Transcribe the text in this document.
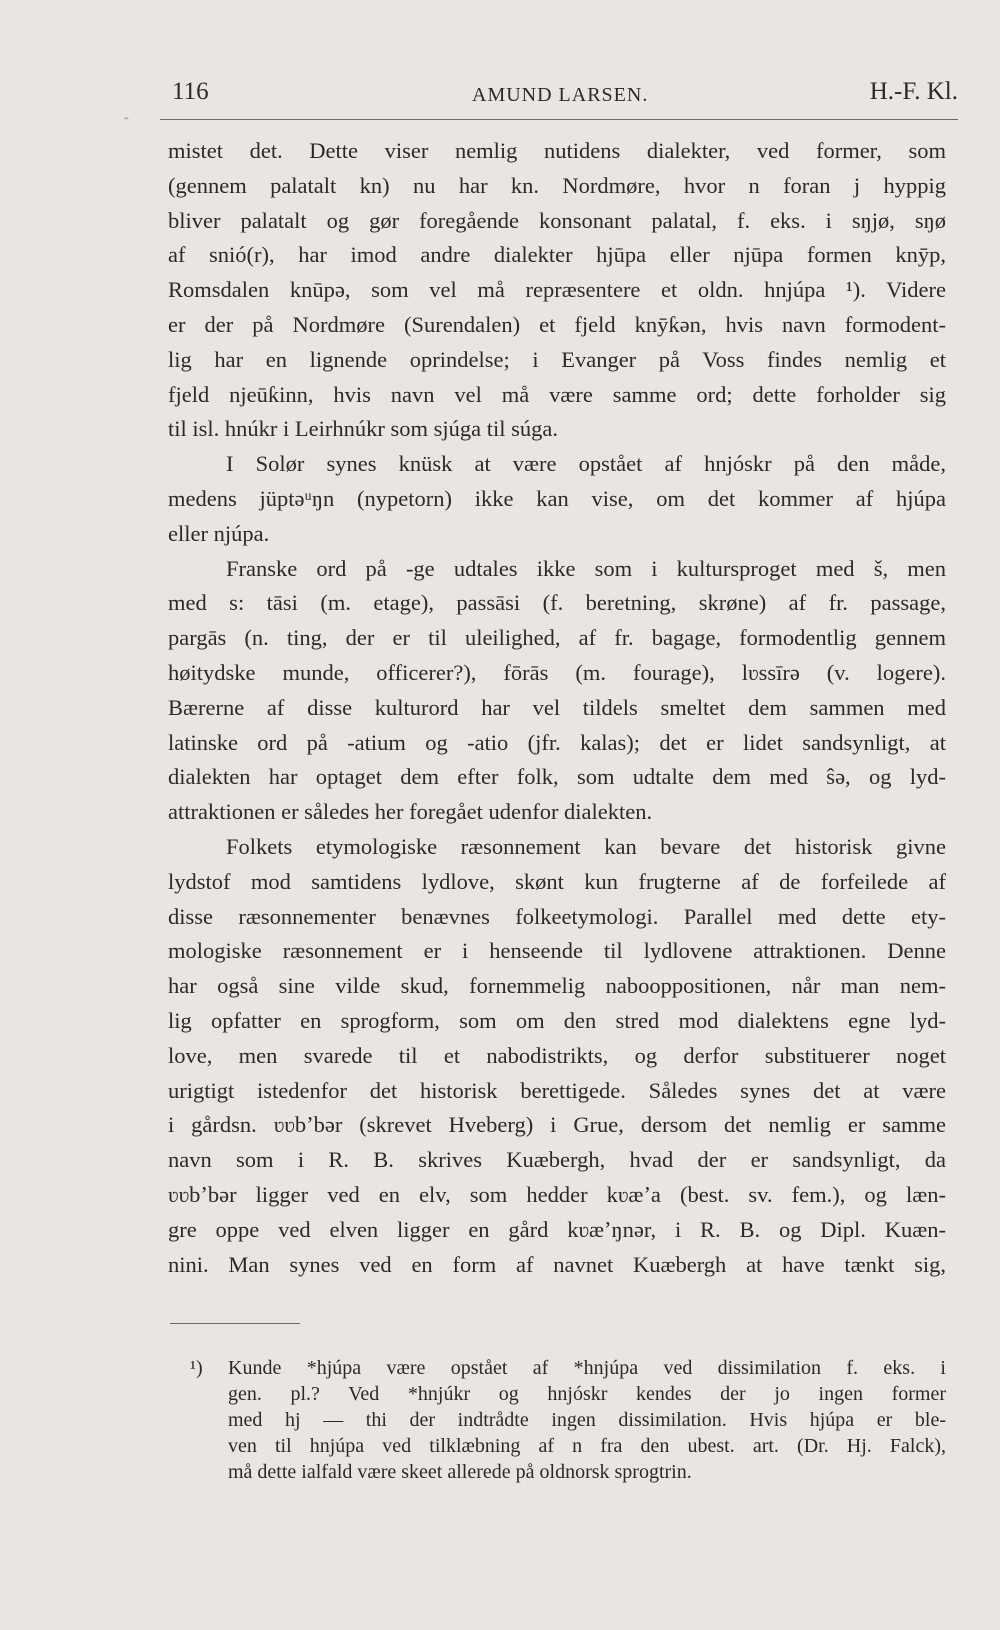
ˆ
116	AMUND LARSEN.	H.-F. Kl.
mistet det. Dette viser nemlig nutidens dialekter, ved former, som
(gennem palatalt kn) nu har kn. Nordmøre, hvor n foran j hyppig
bliver palatalt og gør foregående konsonant palatal, f. eks. i sŋjø, sŋø
af snió(r), har imod andre dialekter hjūpa eller njūpa formen knȳp,
Romsdalen knūpə, som vel må repræsentere et oldn. hnjúpa ¹). Videre
er der på Nordmøre (Surendalen) et fjeld knȳƙən, hvis navn formodent-
lig har en lignende oprindelse; i Evanger på Voss findes nemlig et
fjeld njeūƙinn, hvis navn vel må være samme ord; dette forholder sig
til isl. hnúkr i Leirhnúkr som sjúga til súga.
I Solør synes knüsk at være opstået af hnjóskr på den måde,
medens jüptəᵘŋn (nypetorn) ikke kan vise, om det kommer af hjúpa
eller njúpa.
Franske ord på -ge udtales ikke som i kultursproget med š, men
med s: tāsi (m. etage), passāsi (f. beretning, skrøne) af fr. passage,
pargās (n. ting, der er til uleilighed, af fr. bagage, formodentlig gennem
høitydske munde, officerer?), fōrās (m. fourage), lʋssīrə (v. logere).
Bærerne af disse kulturord har vel tildels smeltet dem sammen med
latinske ord på -atium og -atio (jfr. kalas); det er lidet sandsynligt, at
dialekten har optaget dem efter folk, som udtalte dem med ŝə, og lyd-
attraktionen er således her foregået udenfor dialekten.
Folkets etymologiske ræsonnement kan bevare det historisk givne
lydstof mod samtidens lydlove, skønt kun frugterne af de forfeilede af
disse ræsonnementer benævnes folkeetymologi. Parallel med dette ety-
mologiske ræsonnement er i henseende til lydlovene attraktionen. Denne
har også sine vilde skud, fornemmelig nabooppositionen, når man nem-
lig opfatter en sprogform, som om den stred mod dialektens egne lyd-
love, men svarede til et nabodistrikts, og derfor substituerer noget
urigtigt istedenfor det historisk berettigede. Således synes det at være
i gårdsn. ʋʋbʼbər (skrevet Hveberg) i Grue, dersom det nemlig er samme
navn som i R. B. skrives Kuæbergh, hvad der er sandsynligt, da
ʋʋbʼbər ligger ved en elv, som hedder kʋæʼa (best. sv. fem.), og læn-
gre oppe ved elven ligger en gård kʋæʼŋnər, i R. B. og Dipl. Kuæn-
nini. Man synes ved en form af navnet Kuæbergh at have tænkt sig,
¹) Kunde *hjúpa være opstået af *hnjúpa ved dissimilation f. eks. i
gen. pl.? Ved *hnjúkr og hnjóskr kendes der jo ingen former
med hj — thi der indtrådte ingen dissimilation. Hvis hjúpa er ble-
ven til hnjúpa ved tilklæbning af n fra den ubest. art. (Dr. Hj. Falck),
må dette ialfald være skeet allerede på oldnorsk sprogtrin.
